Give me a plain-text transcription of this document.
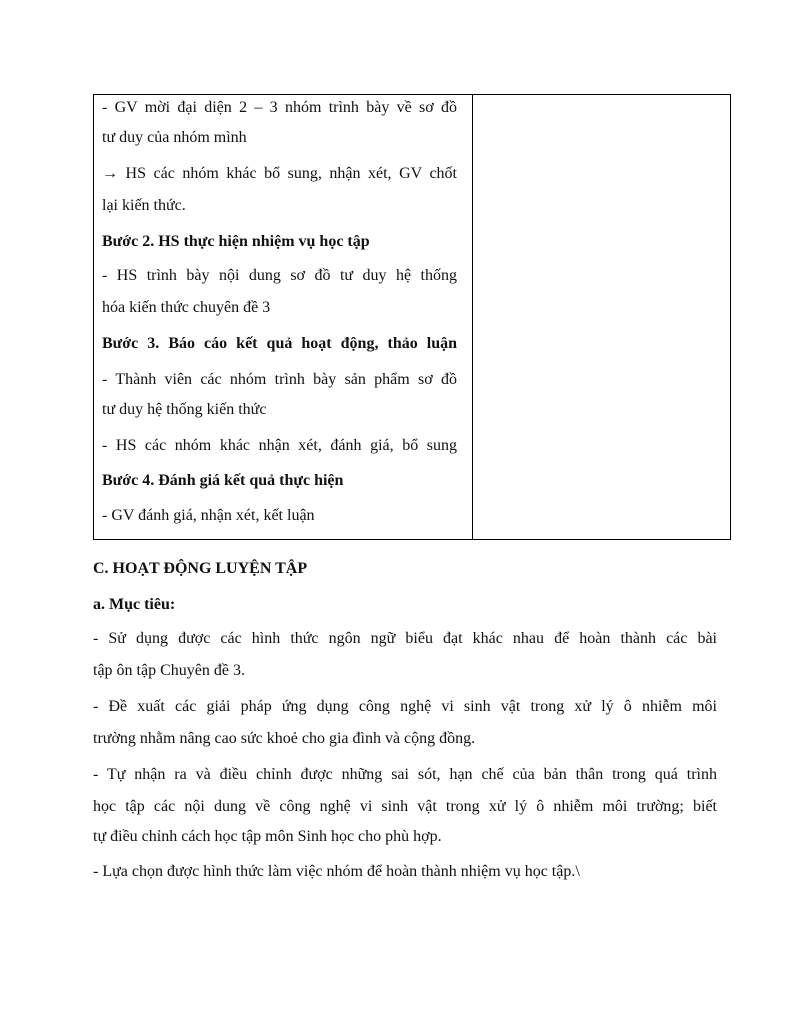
- GV mời đại diện 2 – 3 nhóm trình bày về sơ đồ
tư duy của nhóm mình
→ HS các nhóm khác bổ sung, nhận xét, GV chốt
lại kiến thức.
Bước 2. HS thực hiện nhiệm vụ học tập
- HS trình bày nội dung sơ đồ tư duy hệ thống
hóa kiến thức chuyên đề 3
Bước 3. Báo cáo kết quả hoạt động, thảo luận
- Thành viên các nhóm trình bày sản phẩm sơ đồ
tư duy hệ thống kiến thức
- HS các nhóm khác nhận xét, đánh giá, bổ sung
Bước 4. Đánh giá kết quả thực hiện
- GV đánh giá, nhận xét, kết luận
C. HOẠT ĐỘNG LUYỆN TẬP
a. Mục tiêu:
- Sử dụng được các hình thức ngôn ngữ biểu đạt khác nhau để hoàn thành các bài
tập ôn tập Chuyên đề 3.
- Đề xuất các giải pháp ứng dụng công nghệ vi sinh vật trong xử lý ô nhiễm môi
trường nhằm nâng cao sức khoẻ cho gia đình và cộng đồng.
- Tự nhận ra và điều chỉnh được những sai sót, hạn chế của bản thân trong quá trình
học tập các nội dung về công nghệ vi sinh vật trong xử lý ô nhiễm môi trường; biết
tự điều chỉnh cách học tập môn Sinh học cho phù hợp.
- Lựa chọn được hình thức làm việc nhóm để hoàn thành nhiệm vụ học tập.\
